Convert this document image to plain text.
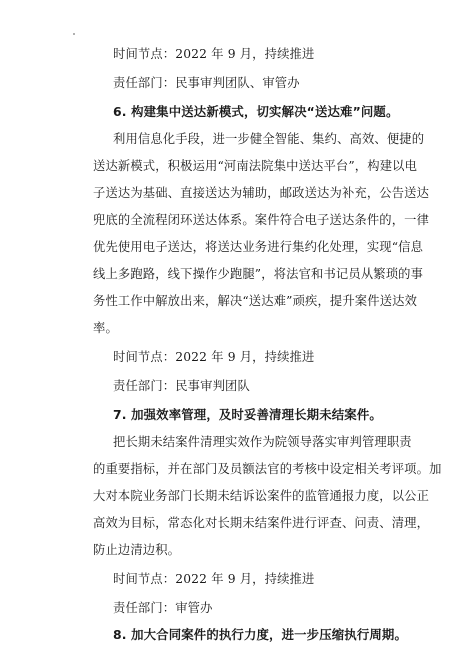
时间节点：2022 年 9 月，持续推进
责任部门：民事审判团队、审管办
6. 构建集中送达新模式，切实解决“送达难”问题。
利用信息化手段，进一步健全智能、集约、高效、便捷的
送达新模式，积极运用“河南法院集中送达平台”，构建以电
子送达为基础、直接送达为辅助，邮政送达为补充，公告送达
兜底的全流程闭环送达体系。案件符合电子送达条件的，一律
优先使用电子送达，将送达业务进行集约化处理，实现“信息
线上多跑路，线下操作少跑腿”，将法官和书记员从繁琐的事
务性工作中解放出来，解决“送达难”顽疾，提升案件送达效
率。
时间节点：2022 年 9 月，持续推进
责任部门：民事审判团队
7. 加强效率管理，及时妥善清理长期未结案件。
把长期未结案件清理实效作为院领导落实审判管理职责
的重要指标，并在部门及员额法官的考核中设定相关考评项。加
大对本院业务部门长期未结诉讼案件的监管通报力度，以公正
高效为目标，常态化对长期未结案件进行评查、问责、清理，
防止边清边积。
时间节点：2022 年 9 月，持续推进
责任部门：审管办
8. 加大合同案件的执行力度，进一步压缩执行周期。
